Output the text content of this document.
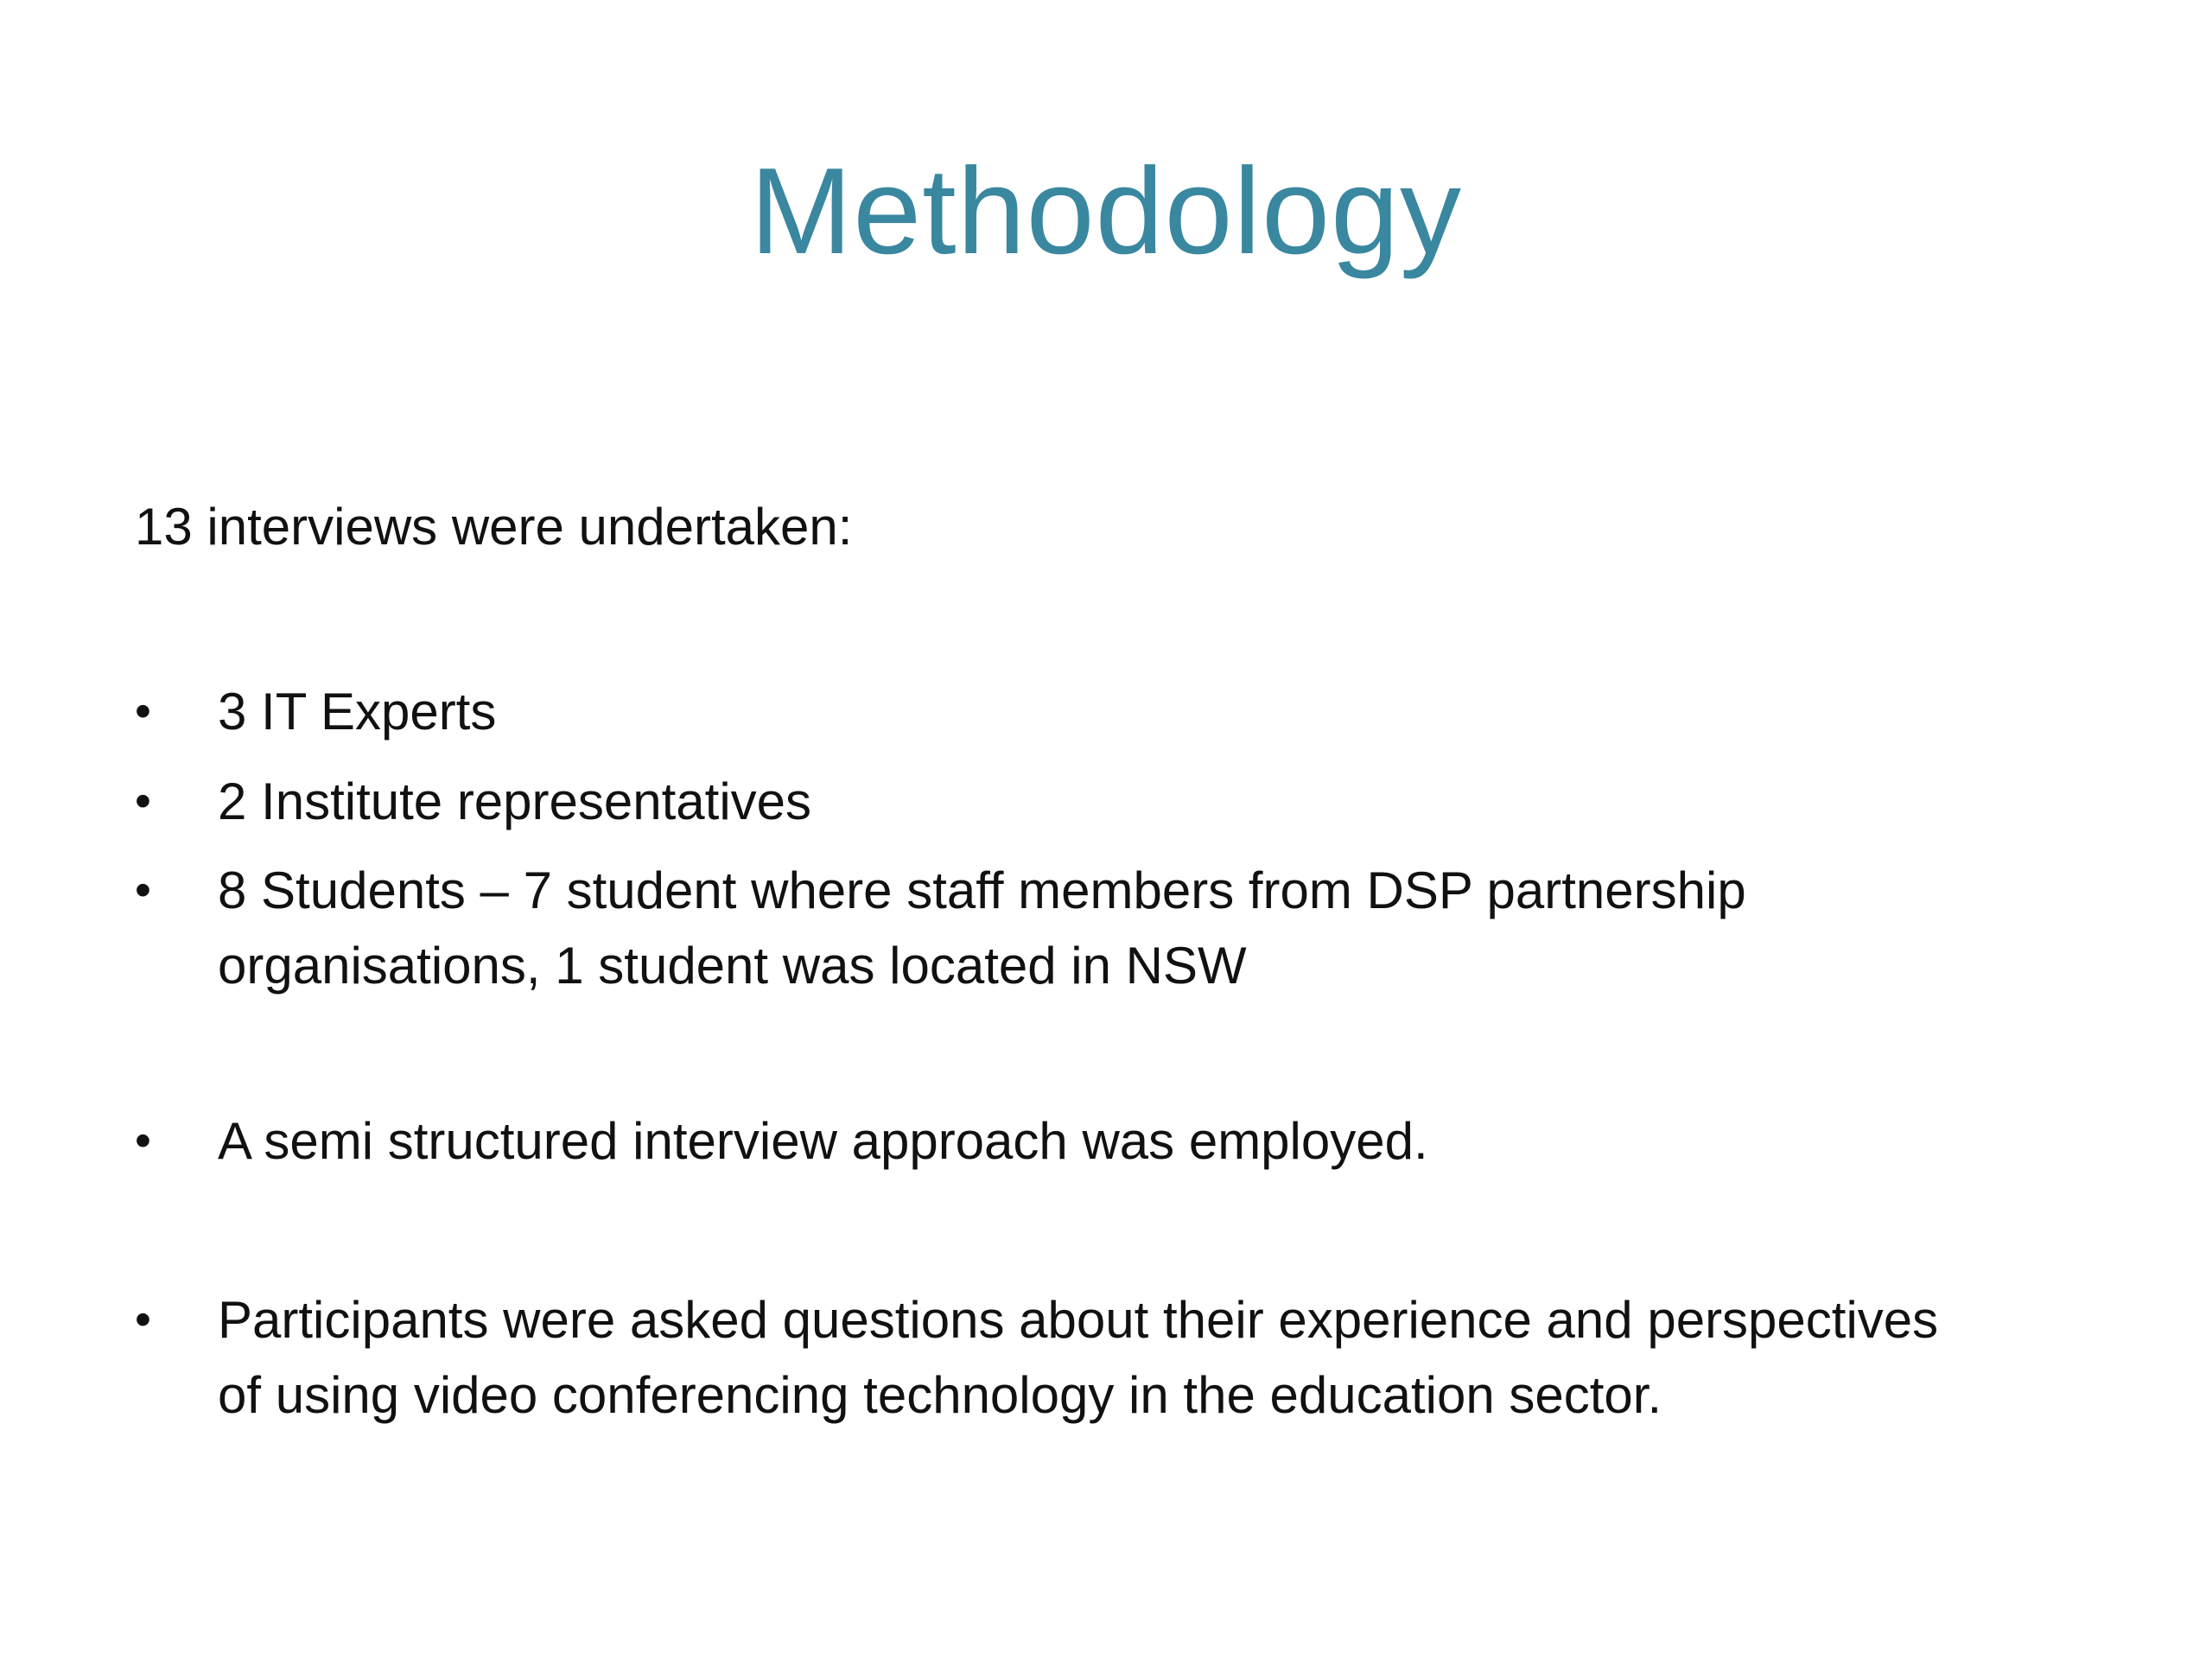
Methodology
13 interviews were undertaken:
•	3 IT Experts
•	2 Institute representatives
•	8 Students – 7 student where staff members from DSP partnership organisations, 1 student was located in NSW
•	A semi structured interview approach was employed.
•	Participants were asked questions about their experience and perspectives of using video conferencing technology in the education sector.
